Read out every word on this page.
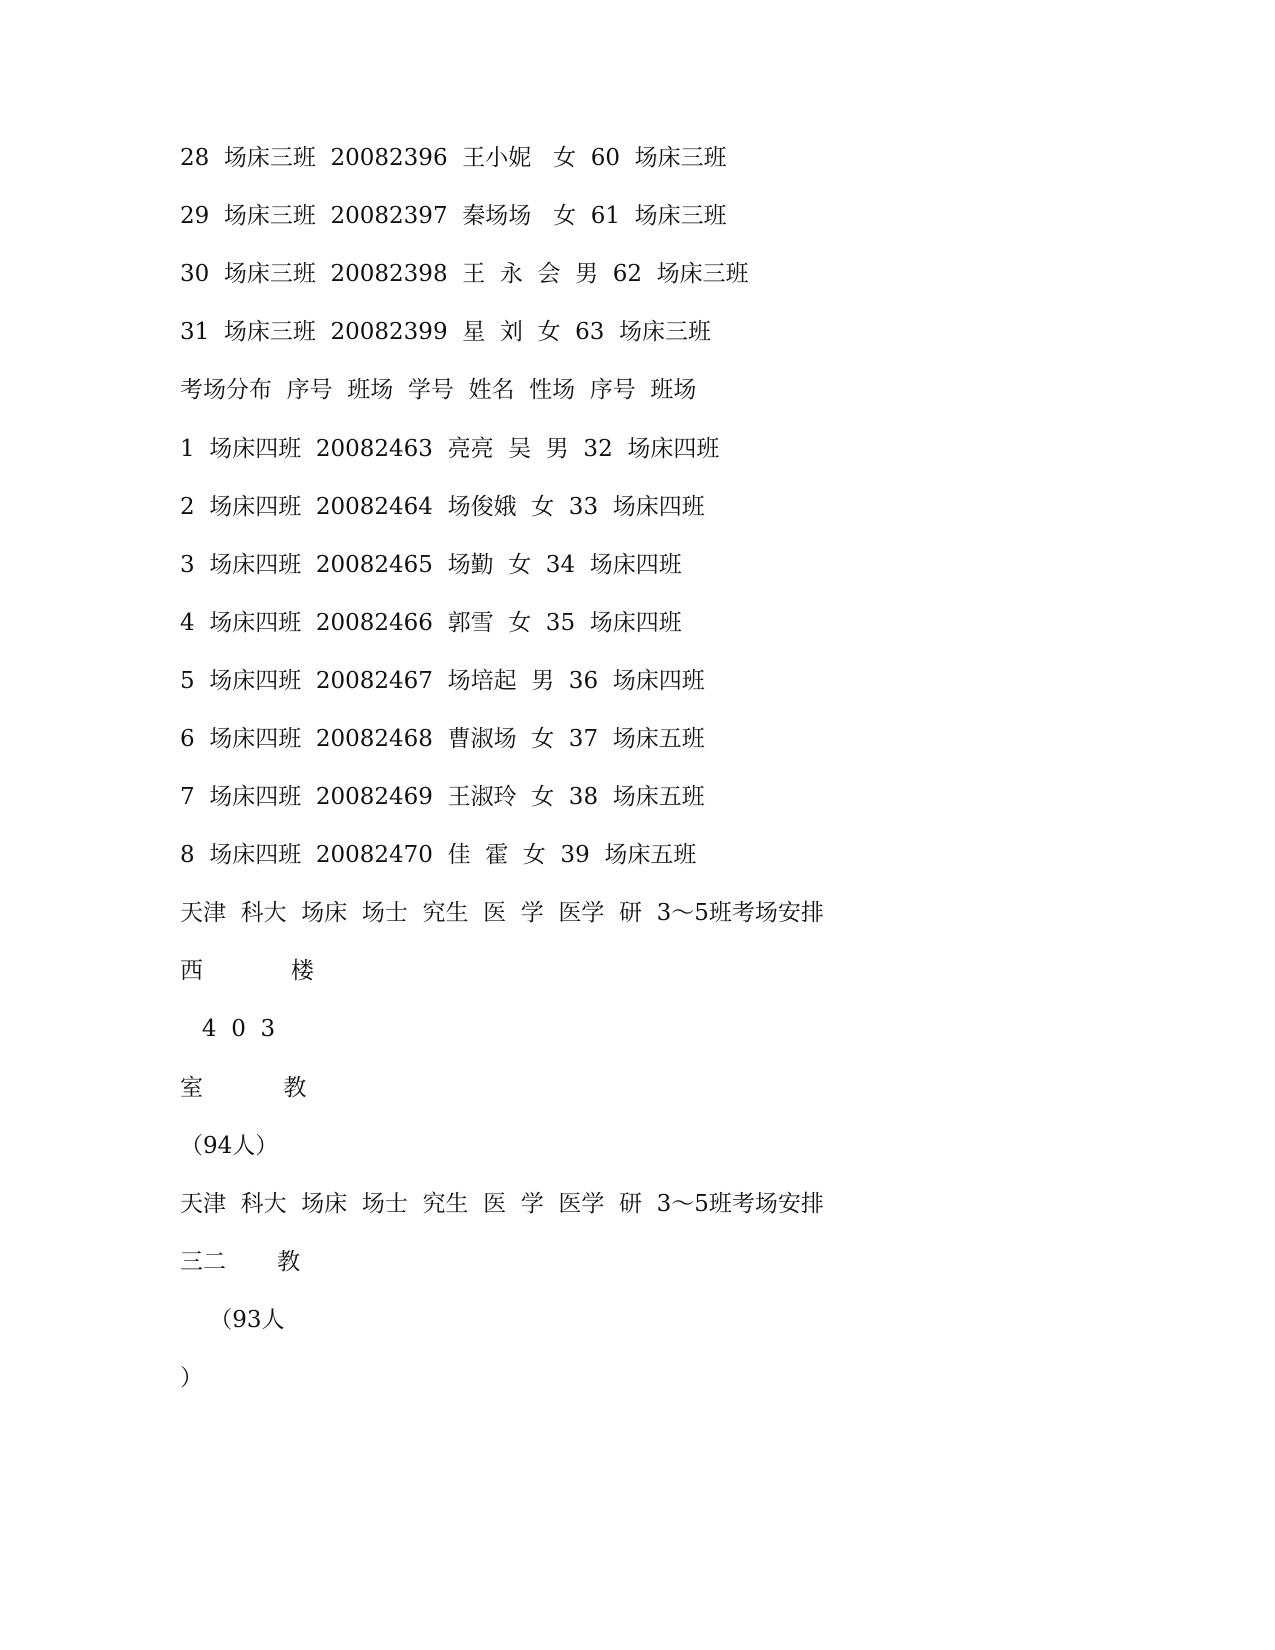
28  场床三班  20082396  王小妮   女  60  场床三班
29  场床三班  20082397  秦场场   女  61  场床三班
30  场床三班  20082398  王  永  会  男  62  场床三班
31  场床三班  20082399  星  刘  女  63  场床三班
考场分布  序号  班场  学号  姓名  性场  序号  班场
1  场床四班  20082463  亮亮  吴  男  32  场床四班
2  场床四班  20082464  场俊娥  女  33  场床四班
3  场床四班  20082465  场勤  女  34  场床四班
4  场床四班  20082466  郭雪  女  35  场床四班
5  场床四班  20082467  场培起  男  36  场床四班
6  场床四班  20082468  曹淑场  女  37  场床五班
7  场床四班  20082469  王淑玲  女  38  场床五班
8  场床四班  20082470  佳  霍  女  39  场床五班
天津  科大  场床  场士  究生  医  学  医学  研  3～5班考场安排
西            楼
4  0  3
室           教
（94人）
天津  科大  场床  场士  究生  医  学  医学  研  3～5班考场安排
三二       教
（93人
）
